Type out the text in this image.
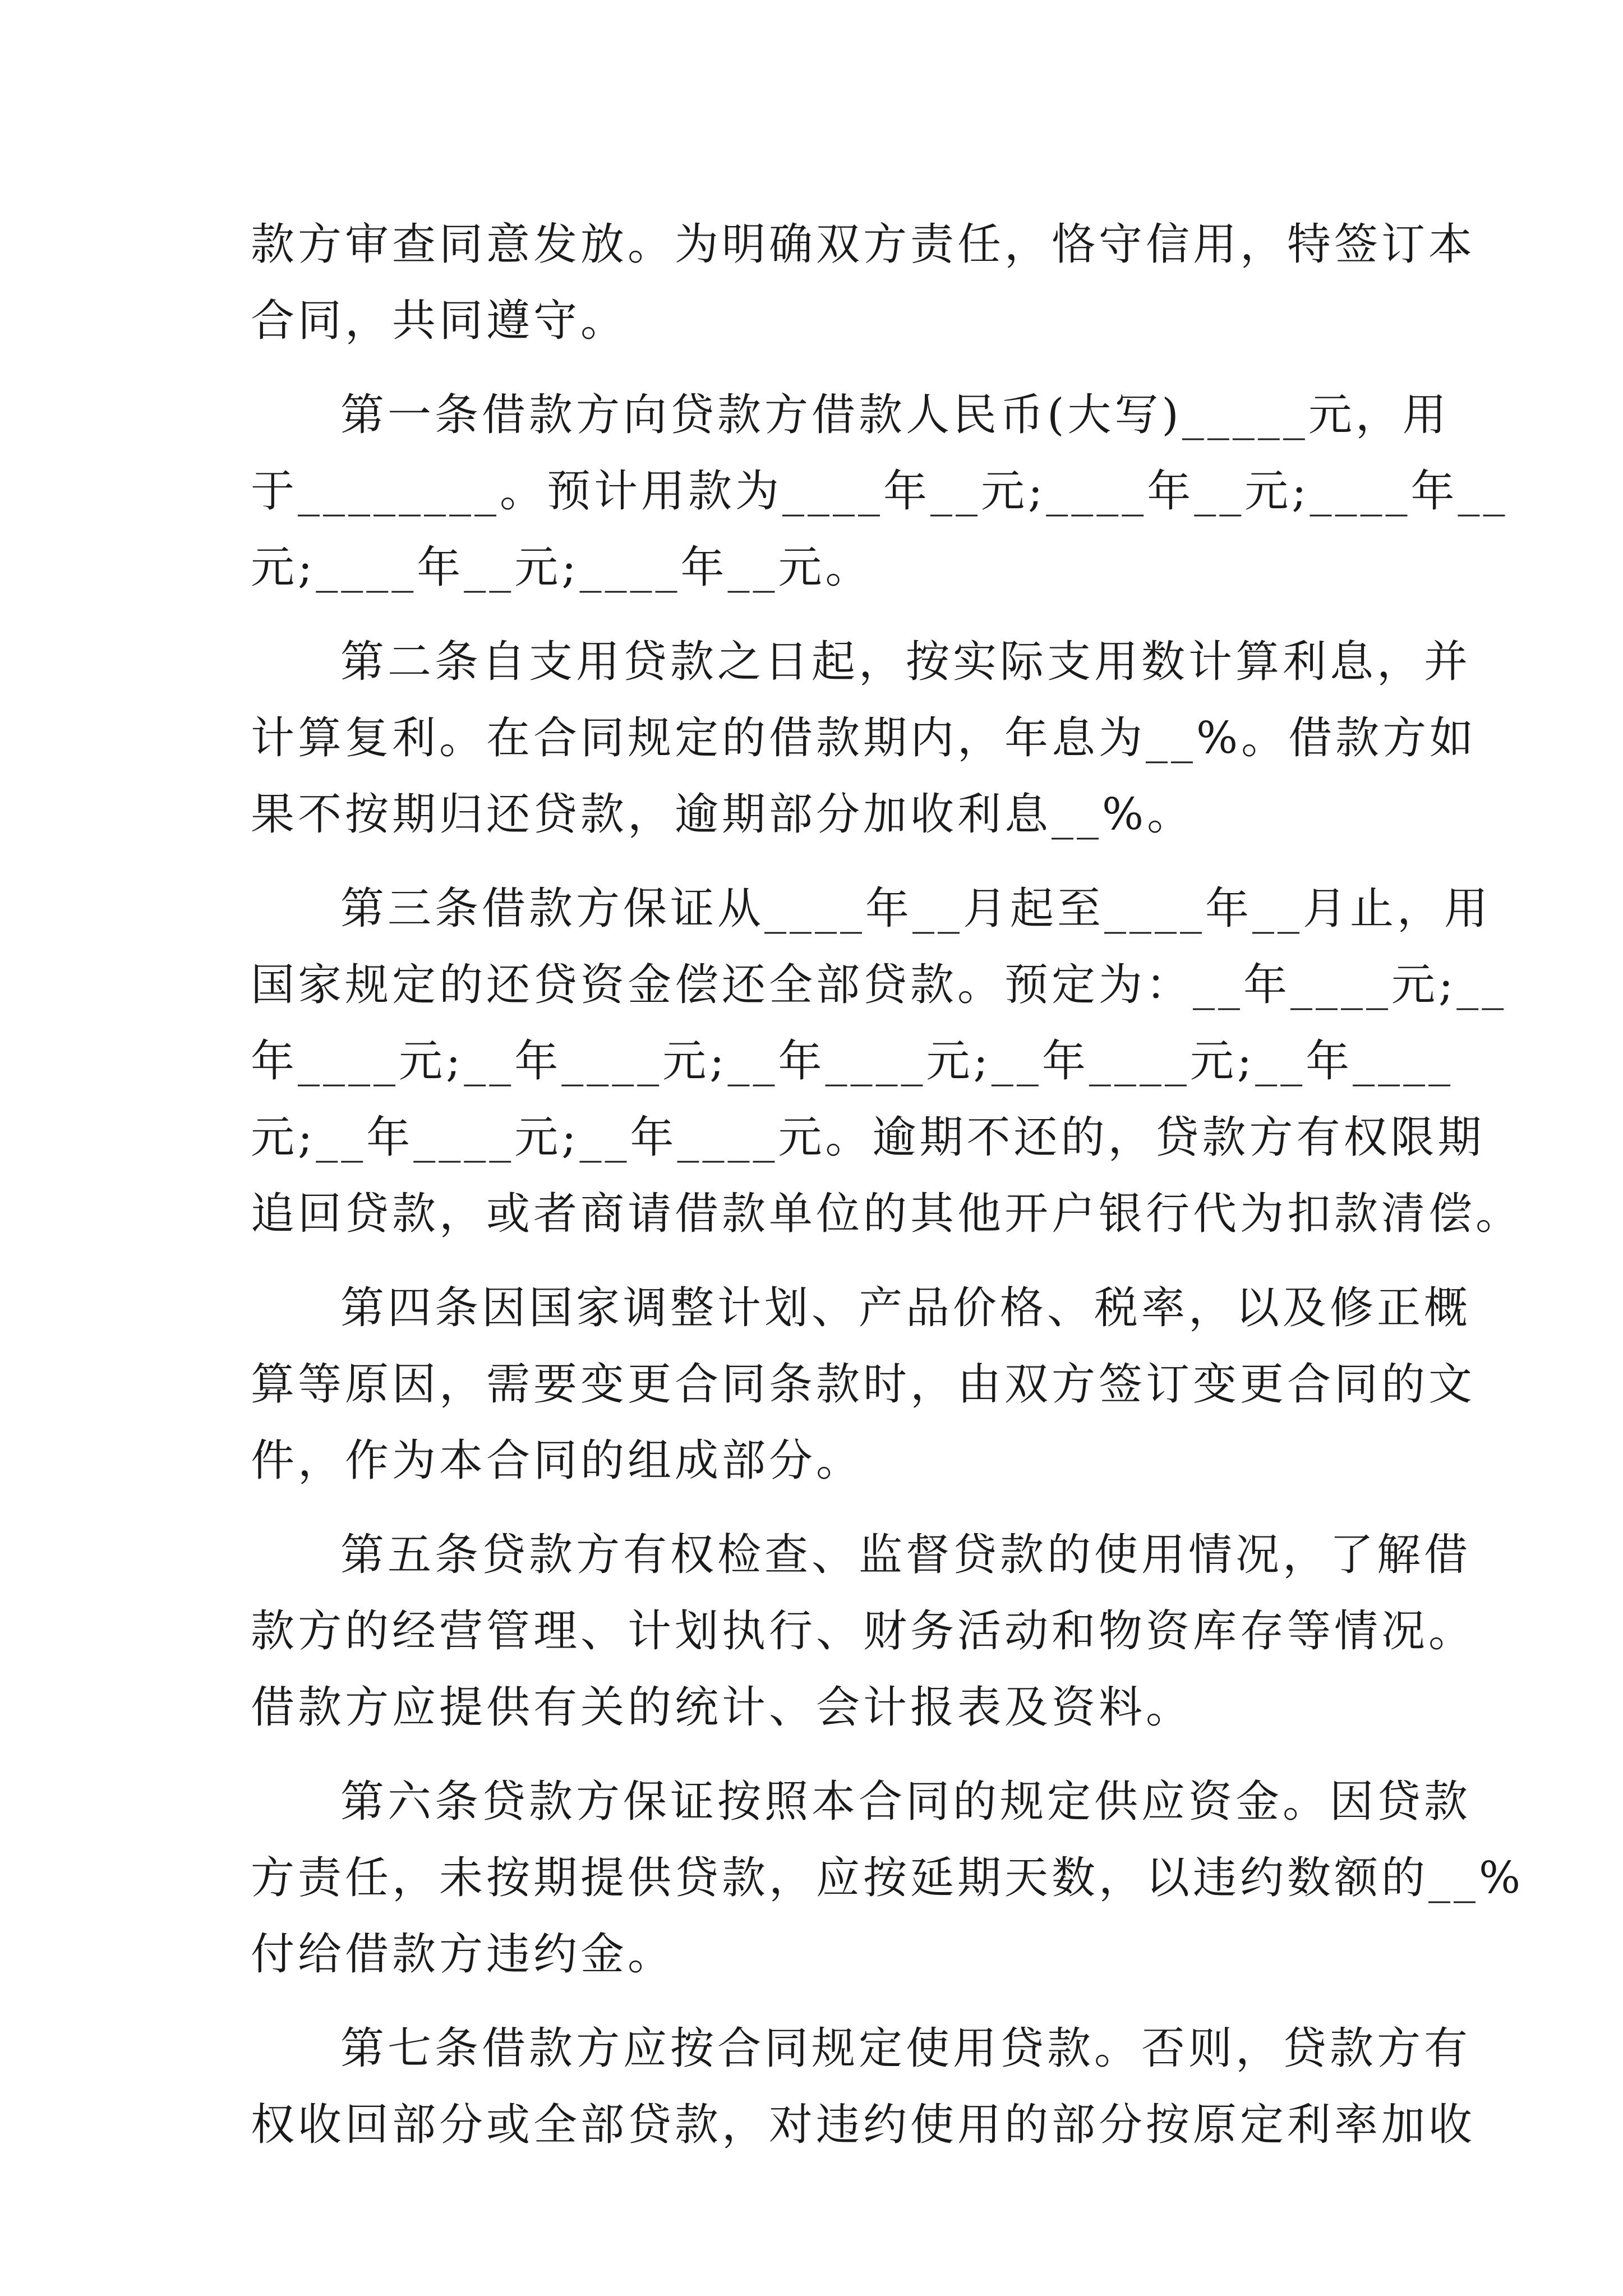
款方审查同意发放。为明确双方责任，恪守信用，特签订本
合同，共同遵守。
第一条借款方向贷款方借款人民币(大写)_____元，用
于________。预计用款为____年__元;____年__元;____年__
元;____年__元;____年__元。
第二条自支用贷款之日起，按实际支用数计算利息，并
计算复利。在合同规定的借款期内，年息为__%。借款方如
果不按期归还贷款，逾期部分加收利息__%。
第三条借款方保证从____年__月起至____年__月止，用
国家规定的还贷资金偿还全部贷款。预定为：__年____元;__
年____元;__年____元;__年____元;__年____元;__年____
元;__年____元;__年____元。逾期不还的，贷款方有权限期
追回贷款，或者商请借款单位的其他开户银行代为扣款清偿。
第四条因国家调整计划、产品价格、税率，以及修正概
算等原因，需要变更合同条款时，由双方签订变更合同的文
件，作为本合同的组成部分。
第五条贷款方有权检查、监督贷款的使用情况，了解借
款方的经营管理、计划执行、财务活动和物资库存等情况。
借款方应提供有关的统计、会计报表及资料。
第六条贷款方保证按照本合同的规定供应资金。因贷款
方责任，未按期提供贷款，应按延期天数，以违约数额的__%
付给借款方违约金。
第七条借款方应按合同规定使用贷款。否则，贷款方有
权收回部分或全部贷款，对违约使用的部分按原定利率加收
